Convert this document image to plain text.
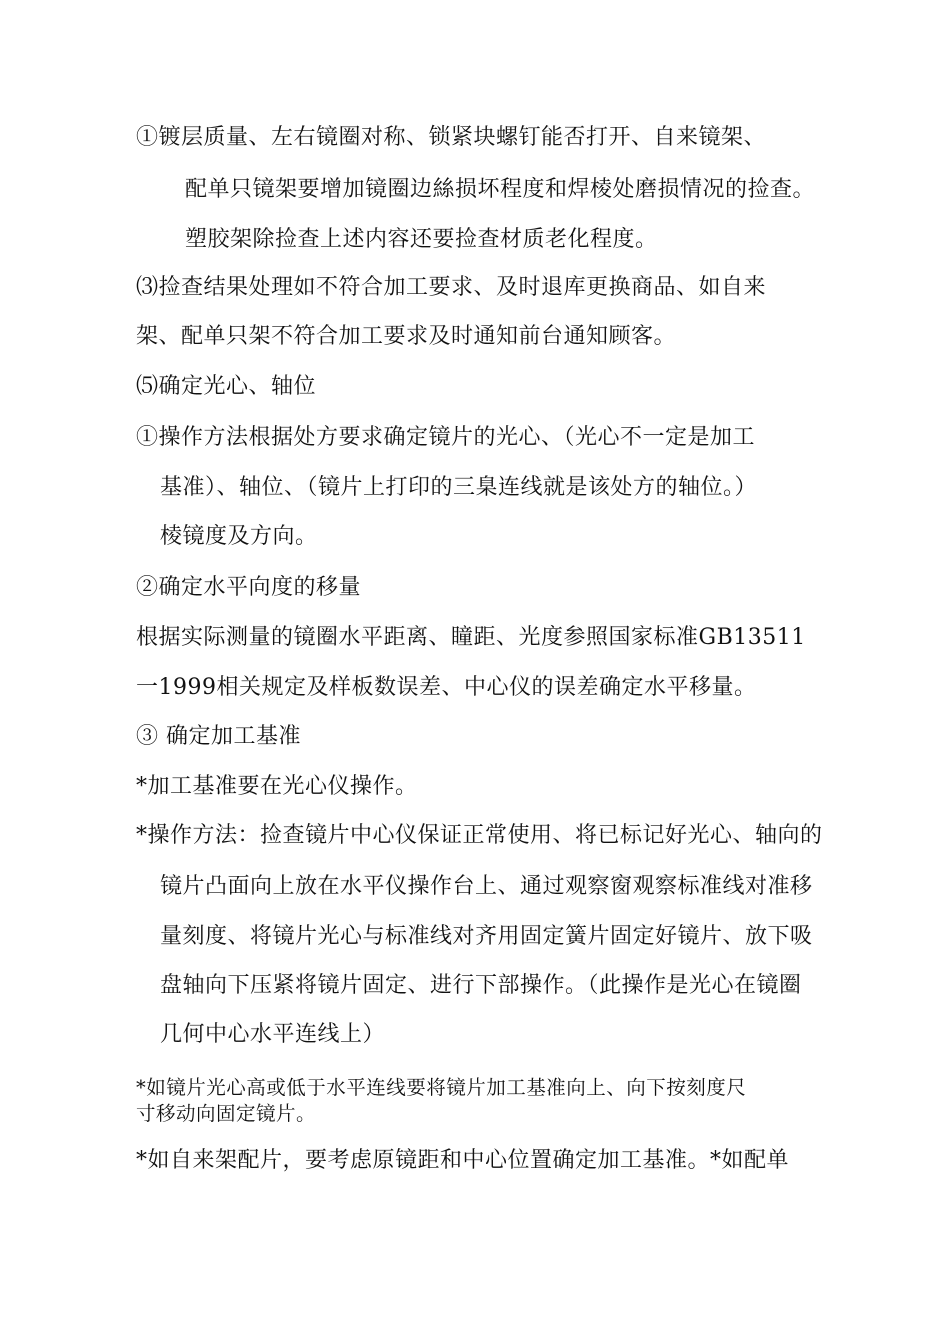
①镀层质量、左右镜圈对称、锁紧块螺钉能否打开、自来镜架、

配单只镜架要增加镜圈边絲损坏程度和焊棱处磨损情况的捡查。

塑胶架除捡查上述内容还要捡查材质老化程度。

⑶捡查结果处理如不符合加工要求、及时退库更换商品、如自来

架、配单只架不符合加工要求及时通知前台通知顾客。

⑸确定光心、轴位

①操作方法根据处方要求确定镜片的光心、（光心不一定是加工

基准）、轴位、（镜片上打印的三臬连线就是该处方的轴位。）

棱镜度及方向。

②确定水平向度的移量

根据实际测量的镜圈水平距离、瞳距、光度参照国家标准GB13511

一1999相关规定及样板数误差、中心仪的误差确定水平移量。

③ 确定加工基准

*加工基准要在光心仪操作。

*操作方法：捡查镜片中心仪保证正常使用、将已标记好光心、轴向的

镜片凸面向上放在水平仪操作台上、通过观察窗观察标准线对准移

量刻度、将镜片光心与标准线对齐用固定簧片固定好镜片、放下吸

盘轴向下压紧将镜片固定、进行下部操作。（此操作是光心在镜圈

几何中心水平连线上）

*如镜片光心高或低于水平连线要将镜片加工基准向上、向下按刻度尺

寸移动向固定镜片。

*如自来架配片，要考虑原镜距和中心位置确定加工基准。*如配单
